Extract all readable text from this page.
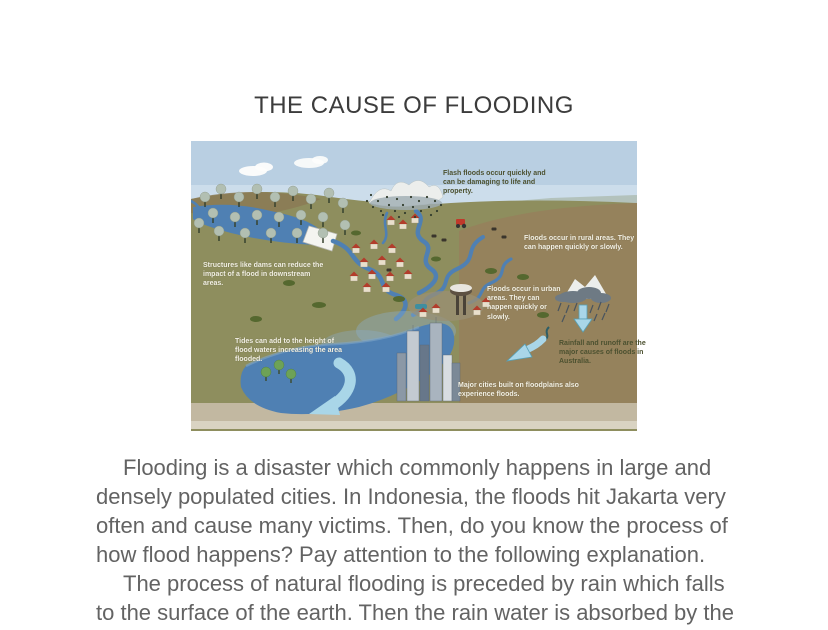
THE CAUSE OF FLOODING
Flash floods occur quickly and can be damaging to life and property.
Structures like dams can reduce the impact of a flood in downstream areas.
Floods occur in rural areas. They can happen quickly or slowly.
Floods occur in urban areas. They can happen quickly or slowly.
Rainfall and runoff are the major causes of floods in Australia.
Tides can add to the height of flood waters increasing the area flooded.
Major cities built on floodplains also experience floods.

Flooding is a disaster which commonly happens in large and densely populated cities. In Indonesia, the floods hit Jakarta very often and cause many victims. Then, do you know the process of how flood happens? Pay attention to the following explanation.

The process of natural flooding is preceded by rain which falls to the surface of the earth. Then the rain water is absorbed by the
